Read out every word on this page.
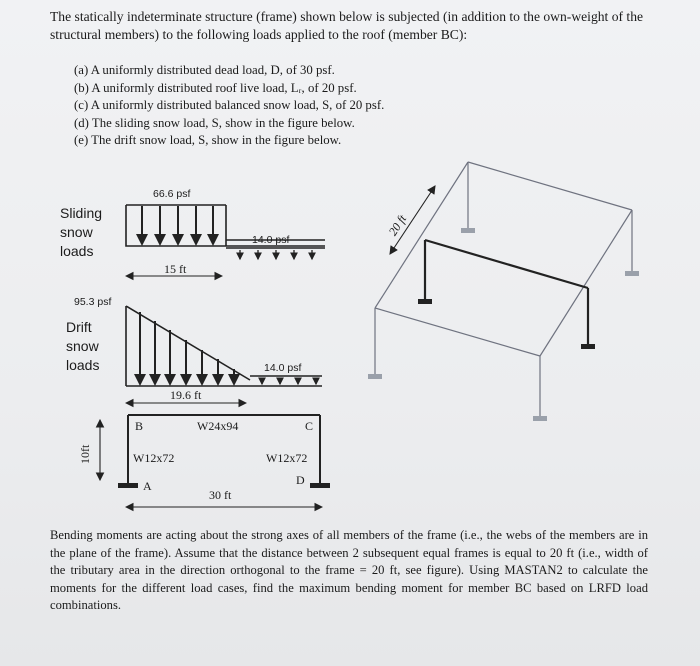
The statically indeterminate structure (frame) shown below is subjected (in addition to the own-weight of the structural members) to the following loads applied to the roof (member BC):
(a) A uniformly distributed dead load, D, of 30 psf.
(b) A uniformly distributed roof live load, Lᵣ, of 20 psf.
(c) A uniformly distributed balanced snow load, S, of 20 psf.
(d) The sliding snow load, S, show in the figure below.
(e) The drift snow load, S, show in the figure below.
Sliding
snow
loads
66.6 psf
14.0 psf
15 ft
95.3 psf
Drift
snow
loads	14.0 psf
19.6 ft
B	W24x94	C
W12x72	W12x72
A	D
30 ft
10ft
20 ft
Bending moments are acting about the strong axes of all members of the frame (i.e., the webs of the members are in the plane of the frame). Assume that the distance between 2 subsequent equal frames is equal to 20 ft (i.e., width of the tributary area in the direction orthogonal to the frame = 20 ft, see figure). Using MASTAN2 to calculate the moments for the different load cases, find the maximum bending moment for member BC based on LRFD load combinations.
